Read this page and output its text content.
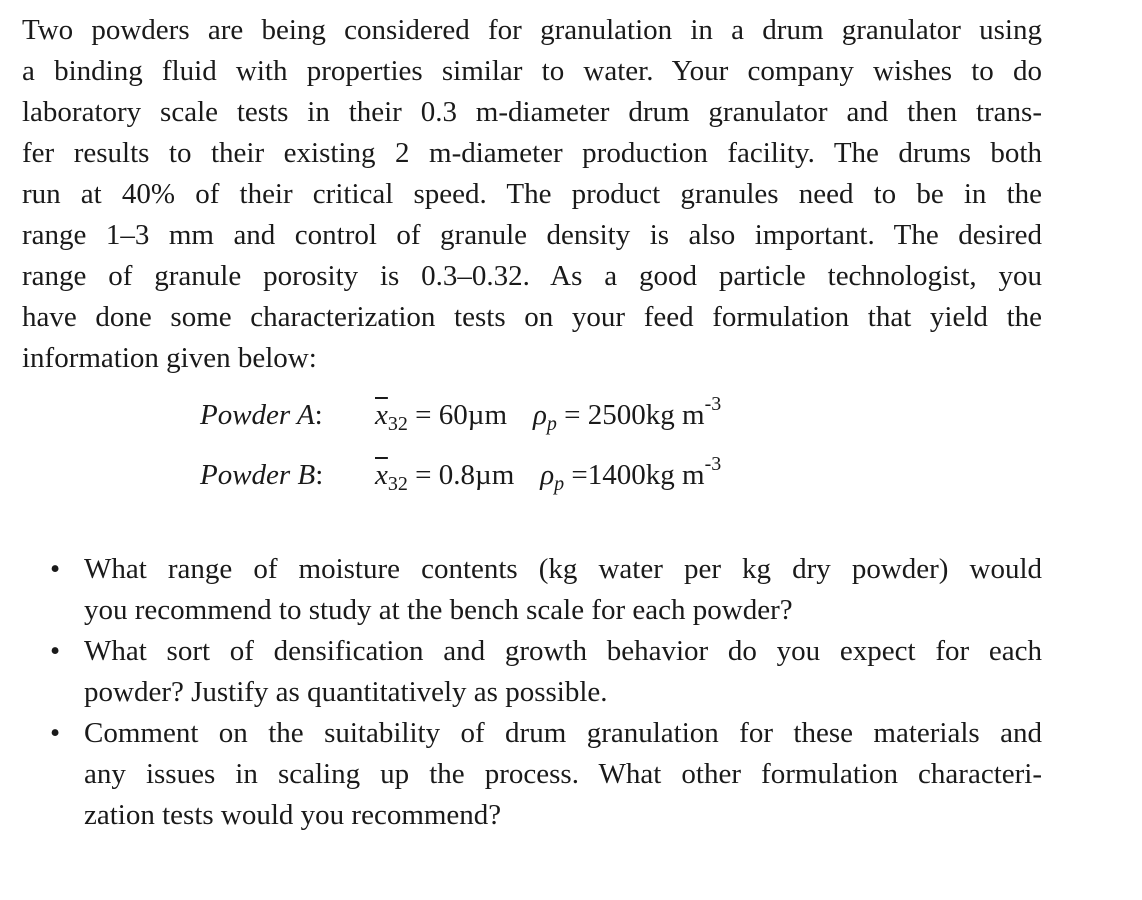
Two powders are being considered for granulation in a drum granulator using
a binding fluid with properties similar to water. Your company wishes to do
laboratory scale tests in their 0.3 m-diameter drum granulator and then trans-
fer results to their existing 2 m-diameter production facility. The drums both
run at 40% of their critical speed. The product granules need to be in the
range 1–3 mm and control of granule density is also important. The desired
range of granule porosity is 0.3–0.32. As a good particle technologist, you
have done some characterization tests on your feed formulation that yield the
information given below:
Powder A: $\overline{x}_{32} = 60\mu m$ $\rho_p = 2500kg$ $m^{-3}$
Powder B: $\overline{x}_{32} = 0.8\mu m$ $\rho_p =1400kg$ $m^{-3}$
• What range of moisture contents (kg water per kg dry powder) would
you recommend to study at the bench scale for each powder?
• What sort of densification and growth behavior do you expect for each
powder? Justify as quantitatively as possible.
• Comment on the suitability of drum granulation for these materials and
any issues in scaling up the process. What other formulation characteri-
zation tests would you recommend?
